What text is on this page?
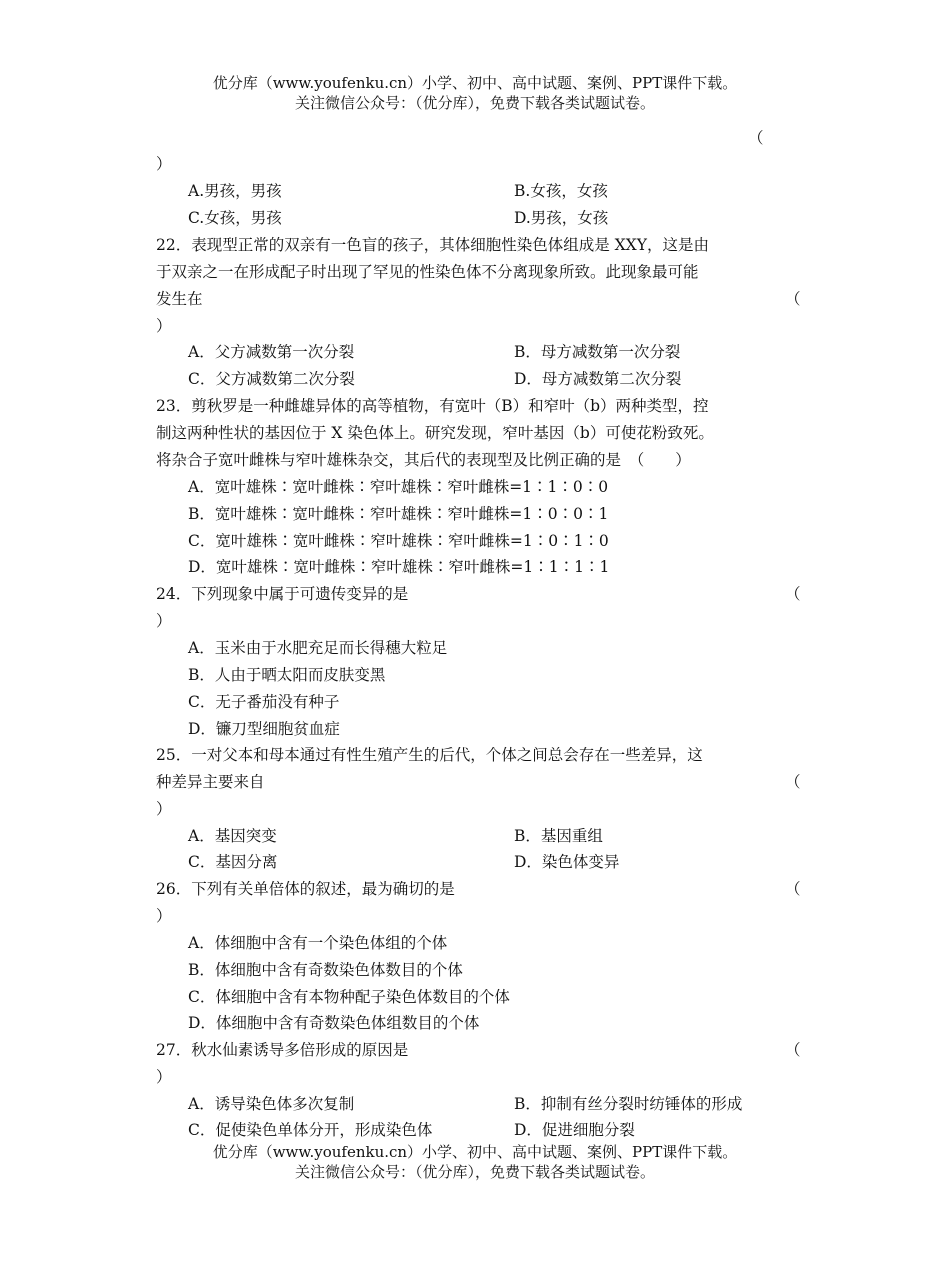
优分库（www.youfenku.cn）小学、初中、高中试题、案例、PPT课件下载。
关注微信公众号：（优分库），免费下载各类试题试卷。
（
）
A.男孩，男孩	B.女孩，女孩
C.女孩，男孩	D.男孩，女孩
22．表现型正常的双亲有一色盲的孩子，其体细胞性染色体组成是 XXY，这是由
于双亲之一在形成配子时出现了罕见的性染色体不分离现象所致。此现象最可能
发生在	（
）
A．父方减数第一次分裂	B．母方减数第一次分裂
C．父方减数第二次分裂	D．母方减数第二次分裂
23．剪秋罗是一种雌雄异体的高等植物，有宽叶（B）和窄叶（b）两种类型，控
制这两种性状的基因位于 X 染色体上。研究发现，窄叶基因（b）可使花粉致死。
将杂合子宽叶雌株与窄叶雄株杂交，其后代的表现型及比例正确的是　（　　）
A．宽叶雄株∶宽叶雌株∶窄叶雄株∶窄叶雌株=1∶1∶0∶0
B．宽叶雄株∶宽叶雌株∶窄叶雄株∶窄叶雌株=1∶0∶0∶1
C．宽叶雄株∶宽叶雌株∶窄叶雄株∶窄叶雌株=1∶0∶1∶0
D．宽叶雄株∶宽叶雌株∶窄叶雄株∶窄叶雌株=1∶1∶1∶1
24．下列现象中属于可遗传变异的是	（
）
A．玉米由于水肥充足而长得穗大粒足
B．人由于晒太阳而皮肤变黑
C．无子番茄没有种子
D．镰刀型细胞贫血症
25．一对父本和母本通过有性生殖产生的后代，个体之间总会存在一些差异，这
种差异主要来自	（
）
A．基因突变	B．基因重组
C．基因分离	D．染色体变异
26．下列有关单倍体的叙述，最为确切的是	（
）
A．体细胞中含有一个染色体组的个体
B．体细胞中含有奇数染色体数目的个体
C．体细胞中含有本物种配子染色体数目的个体
D．体细胞中含有奇数染色体组数目的个体
27．秋水仙素诱导多倍形成的原因是	（
）
A．诱导染色体多次复制	B．抑制有丝分裂时纺锤体的形成
C．促使染色单体分开，形成染色体	D．促进细胞分裂
优分库（www.youfenku.cn）小学、初中、高中试题、案例、PPT课件下载。
关注微信公众号：（优分库），免费下载各类试题试卷。
